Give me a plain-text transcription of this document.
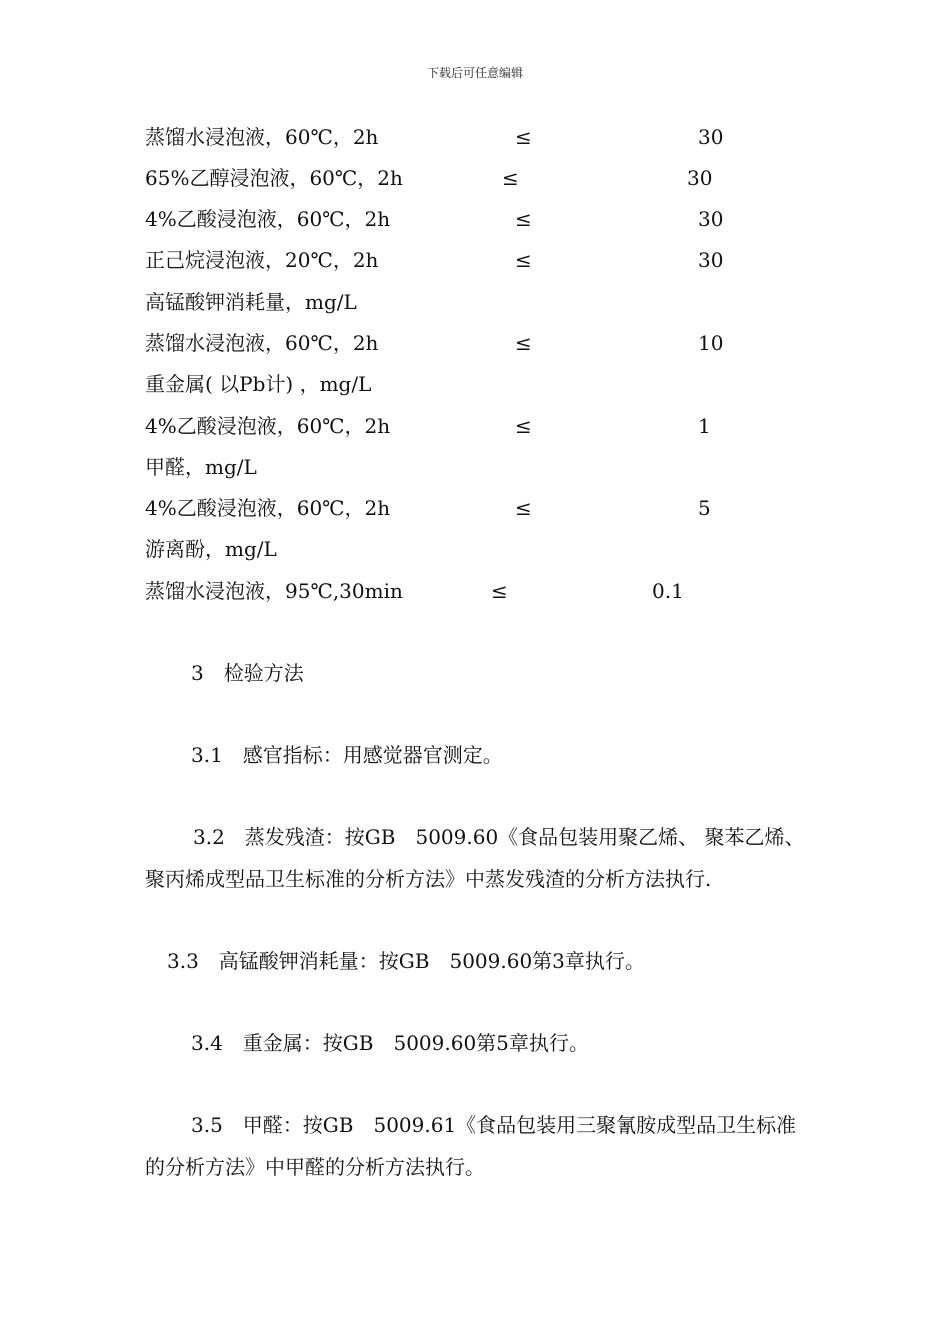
下载后可任意编辑
蒸馏水浸泡液，60℃，2h	≤	30
65%乙醇浸泡液，60℃，2h	≤	30
4%乙酸浸泡液，60℃，2h	≤	30
正己烷浸泡液，20℃，2h	≤	30
高锰酸钾消耗量，mg/L
蒸馏水浸泡液，60℃，2h	≤	10
重金属( 以Pb计) ，mg/L
4%乙酸浸泡液，60℃，2h	≤	1
甲醛，mg/L
4%乙酸浸泡液，60℃，2h	≤	5
游离酚，mg/L
蒸馏水浸泡液，95℃,30min	≤	0.1

3　检验方法

3.1　感官指标：用感觉器官测定。

3.2　蒸发残渣：按GB　5009.60《食品包装用聚乙烯、 聚苯乙烯、 聚丙烯成型品卫生标准的分析方法》中蒸发残渣的分析方法执行.

3.3　高锰酸钾消耗量：按GB　5009.60第3章执行。

3.4　重金属：按GB　5009.60第5章执行。

3.5　甲醛：按GB　5009.61《食品包装用三聚氰胺成型品卫生标准的分析方法》中甲醛的分析方法执行。
